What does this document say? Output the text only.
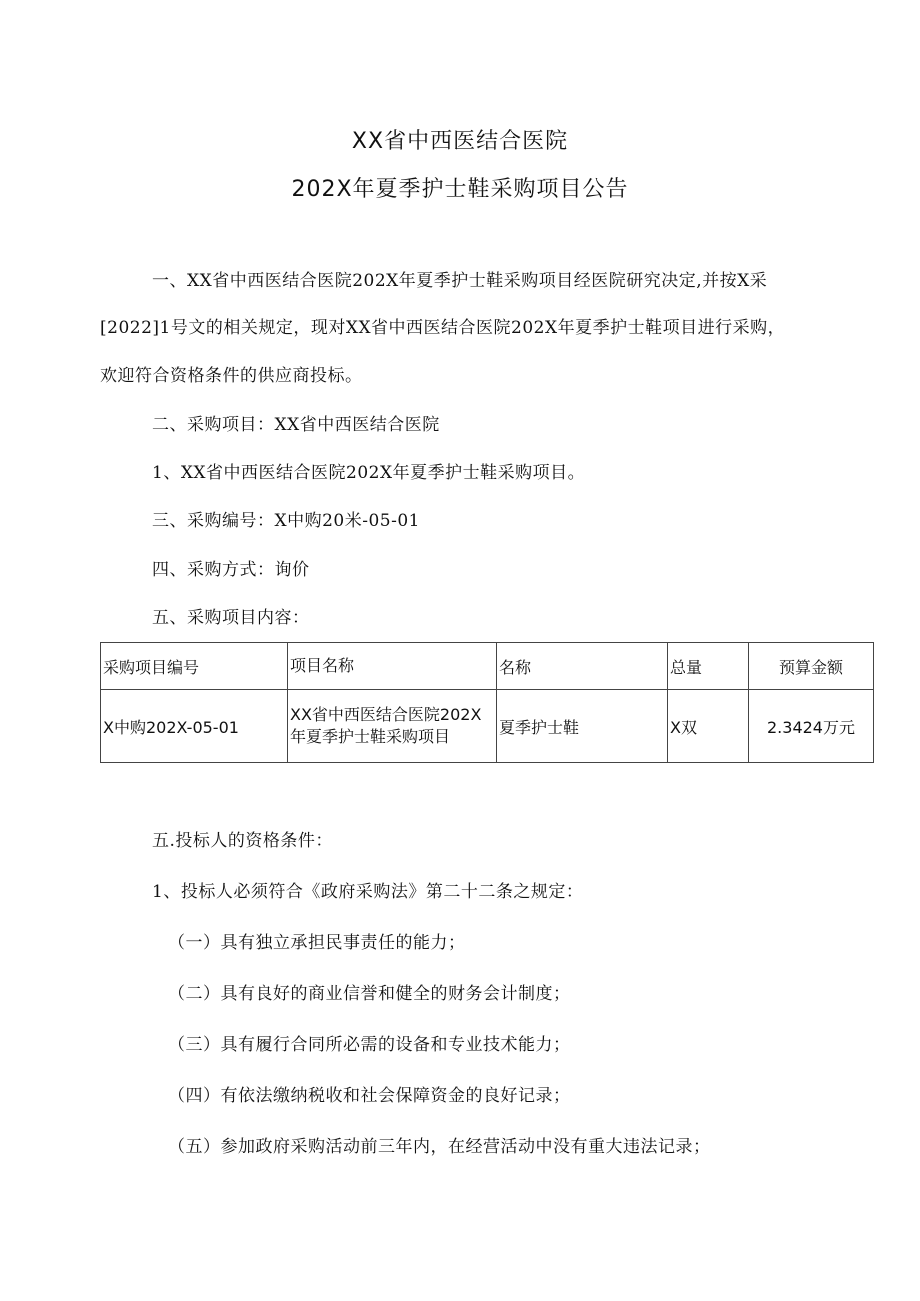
XX省中西医结合医院
202X年夏季护士鞋采购项目公告
一、XX省中西医结合医院202X年夏季护士鞋采购项目经医院研究决定,并按X采
[2022]1号文的相关规定，现对XX省中西医结合医院202X年夏季护士鞋项目进行采购，
欢迎符合资格条件的供应商投标。
二、采购项目：XX省中西医结合医院
1、XX省中西医结合医院202X年夏季护士鞋采购项目。
三、采购编号：X中购20米-05-01
四、采购方式：询价
五、采购项目内容：
采购项目编号	项目名称	名称	总量	预算金额
X中购202X-05-01	XX省中西医结合医院202X
年夏季护士鞋采购项目	夏季护士鞋	X双	2.3424万元
五.投标人的资格条件：
1、投标人必须符合《政府采购法》第二十二条之规定：
（一）具有独立承担民事责任的能力；
（二）具有良好的商业信誉和健全的财务会计制度；
（三）具有履行合同所必需的设备和专业技术能力；
（四）有依法缴纳税收和社会保障资金的良好记录；
（五）参加政府采购活动前三年内，在经营活动中没有重大违法记录；
